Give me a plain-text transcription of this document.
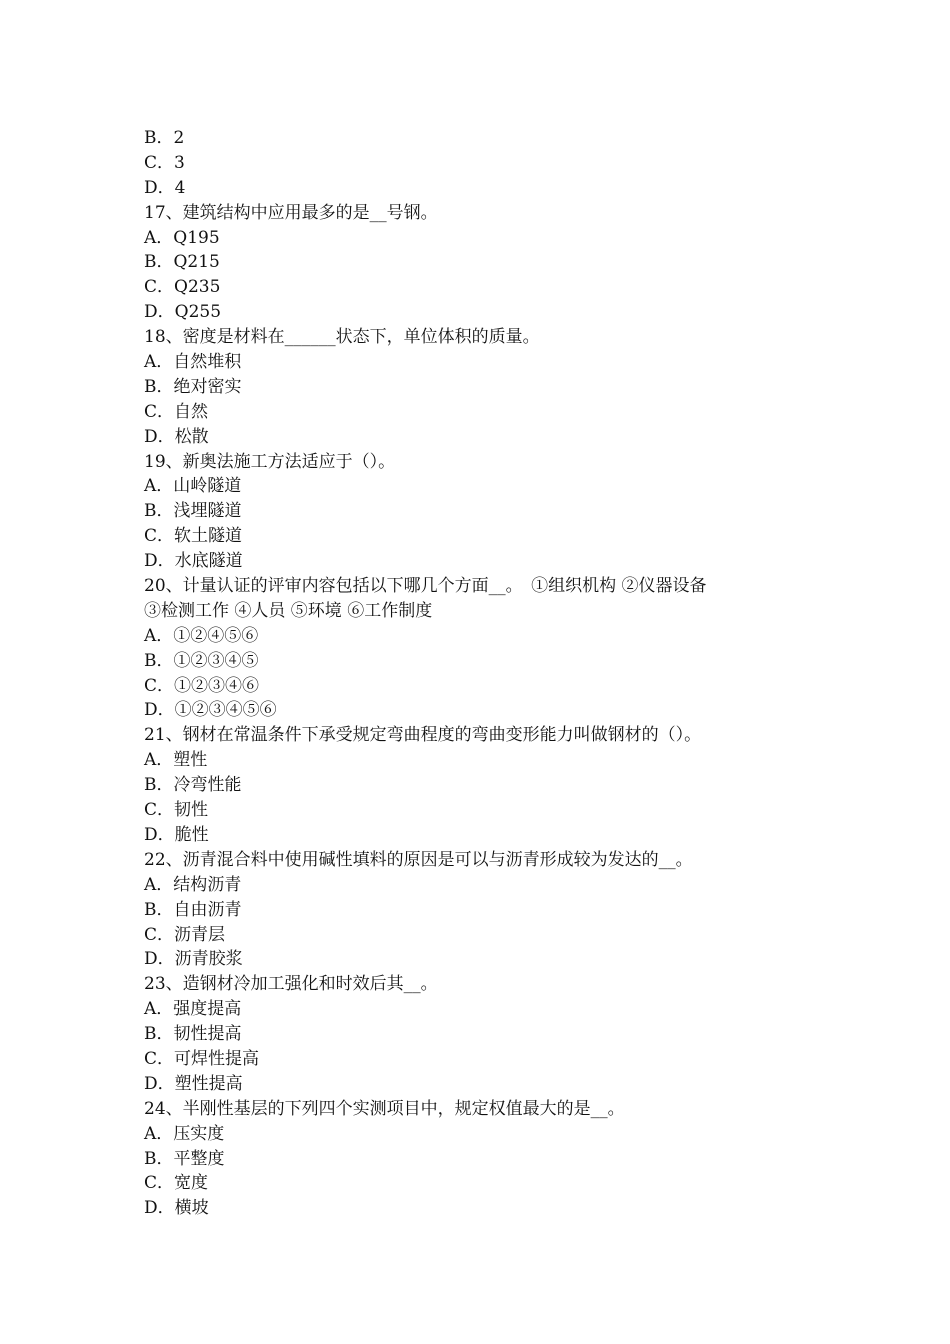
B．2
C．3
D．4
17、建筑结构中应用最多的是__号钢。
A．Q195
B．Q215
C．Q235
D．Q255
18、密度是材料在______状态下，单位体积的质量。
A．自然堆积
B．绝对密实
C．自然
D．松散
19、新奥法施工方法适应于（）。
A．山岭隧道
B．浅埋隧道
C．软土隧道
D．水底隧道
20、计量认证的评审内容包括以下哪几个方面__。　①组织机构 ②仪器设备
③检测工作 ④人员 ⑤环境 ⑥工作制度
A．①②④⑤⑥
B．①②③④⑤
C．①②③④⑥
D．①②③④⑤⑥
21、钢材在常温条件下承受规定弯曲程度的弯曲变形能力叫做钢材的（）。
A．塑性
B．冷弯性能
C．韧性
D．脆性
22、沥青混合料中使用碱性填料的原因是可以与沥青形成较为发达的__。
A．结构沥青
B．自由沥青
C．沥青层
D．沥青胶浆
23、造钢材冷加工强化和时效后其__。
A．强度提高
B．韧性提高
C．可焊性提高
D．塑性提高
24、半刚性基层的下列四个实测项目中，规定权值最大的是__。
A．压实度
B．平整度
C．宽度
D．横坡
